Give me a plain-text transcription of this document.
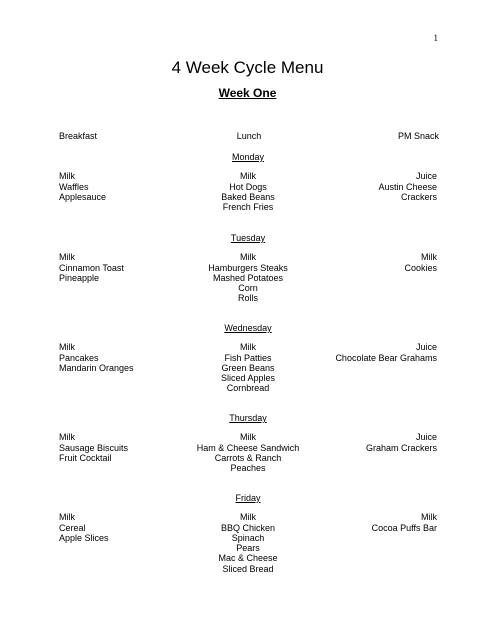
1
4 Week Cycle Menu
Week One
Breakfast	Lunch	PM Snack
Monday
Milk
Waffles
Applesauce
Milk
Hot Dogs
Baked Beans
French Fries
Juice
Austin Cheese
Crackers
Tuesday
Milk
Cinnamon Toast
Pineapple
Milk
Hamburgers Steaks
Mashed Potatoes
Corn
Rolls
Milk
Cookies
Wednesday
Milk
Pancakes
Mandarin Oranges
Milk
Fish Patties
Green Beans
Sliced Apples
Cornbread
Juice
Chocolate Bear Grahams
Thursday
Milk
Sausage Biscuits
Fruit Cocktail
Milk
Ham & Cheese Sandwich
Carrots & Ranch
Peaches
Juice
Graham Crackers
Friday
Milk
Cereal
Apple Slices
Milk
BBQ Chicken
Spinach
Pears
Mac & Cheese
Sliced Bread
Milk
Cocoa Puffs Bar
